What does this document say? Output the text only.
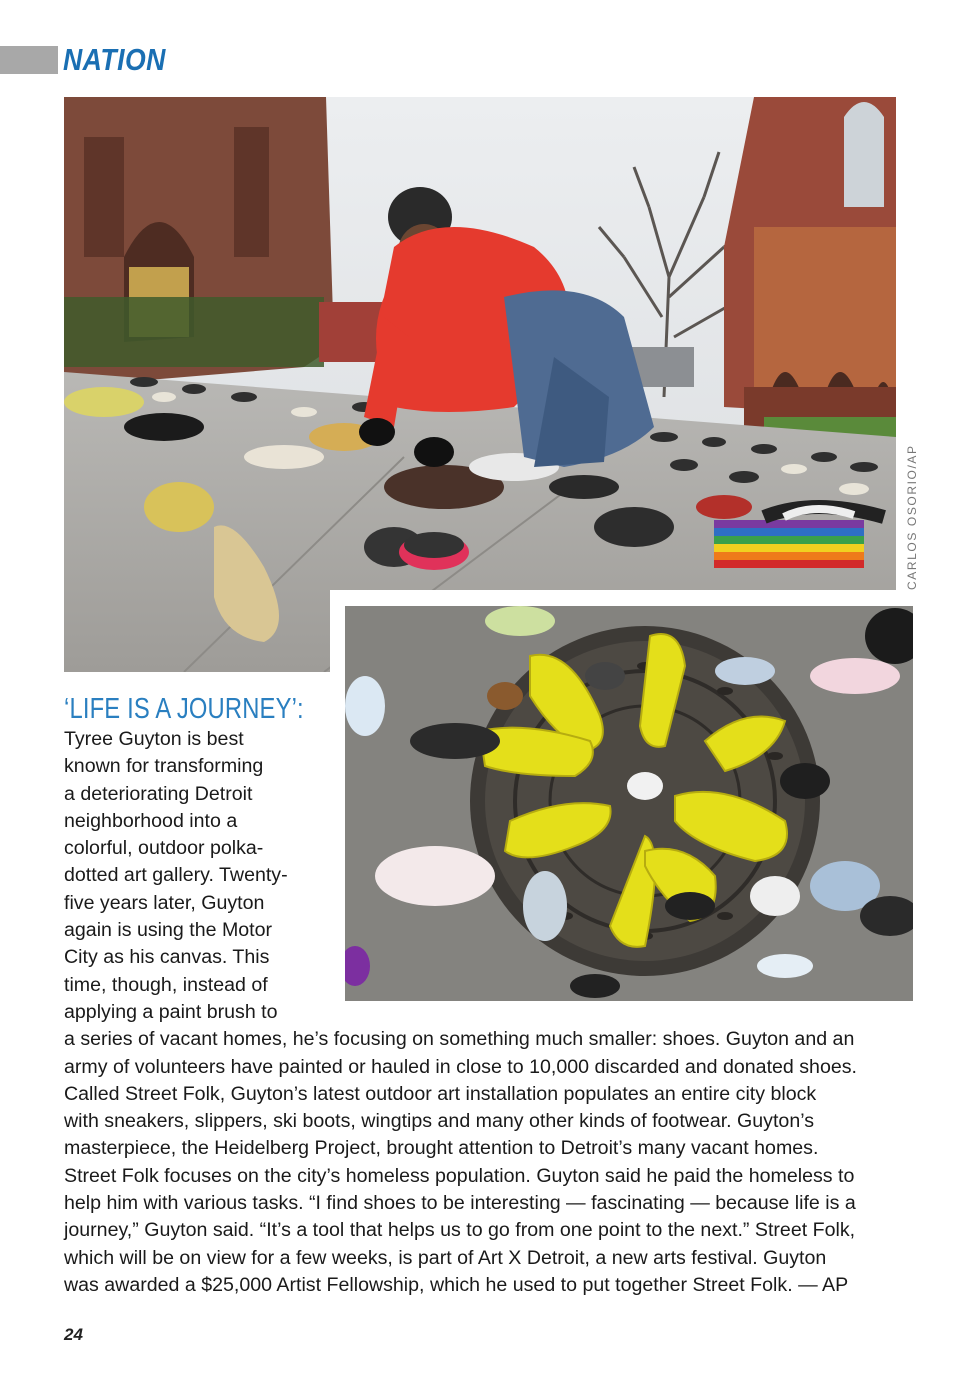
NATION
CARLOS OSORIO/AP
‘LIFE IS A JOURNEY’:
Tyree Guyton is best
known for transforming
a deteriorating Detroit
neighborhood into a
colorful, outdoor polka-
dotted art gallery. Twenty-
five years later, Guyton
again is using the Motor
City as his canvas. This
time, though, instead of
applying a paint brush to
a series of vacant homes, he’s focusing on something much smaller: shoes. Guyton and an
army of volunteers have painted or hauled in close to 10,000 discarded and donated shoes.
Called Street Folk, Guyton’s latest outdoor art installation populates an entire city block
with sneakers, slippers, ski boots, wingtips and many other kinds of footwear. Guyton’s
masterpiece, the Heidelberg Project, brought attention to Detroit’s many vacant homes.
Street Folk focuses on the city’s homeless population. Guyton said he paid the homeless to
help him with various tasks. “I find shoes to be interesting — fascinating — because life is a
journey,” Guyton said. “It’s a tool that helps us to go from one point to the next.” Street Folk,
which will be on view for a few weeks, is part of Art X Detroit, a new arts festival. Guyton
was awarded a $25,000 Artist Fellowship, which he used to put together Street Folk. — AP
24
